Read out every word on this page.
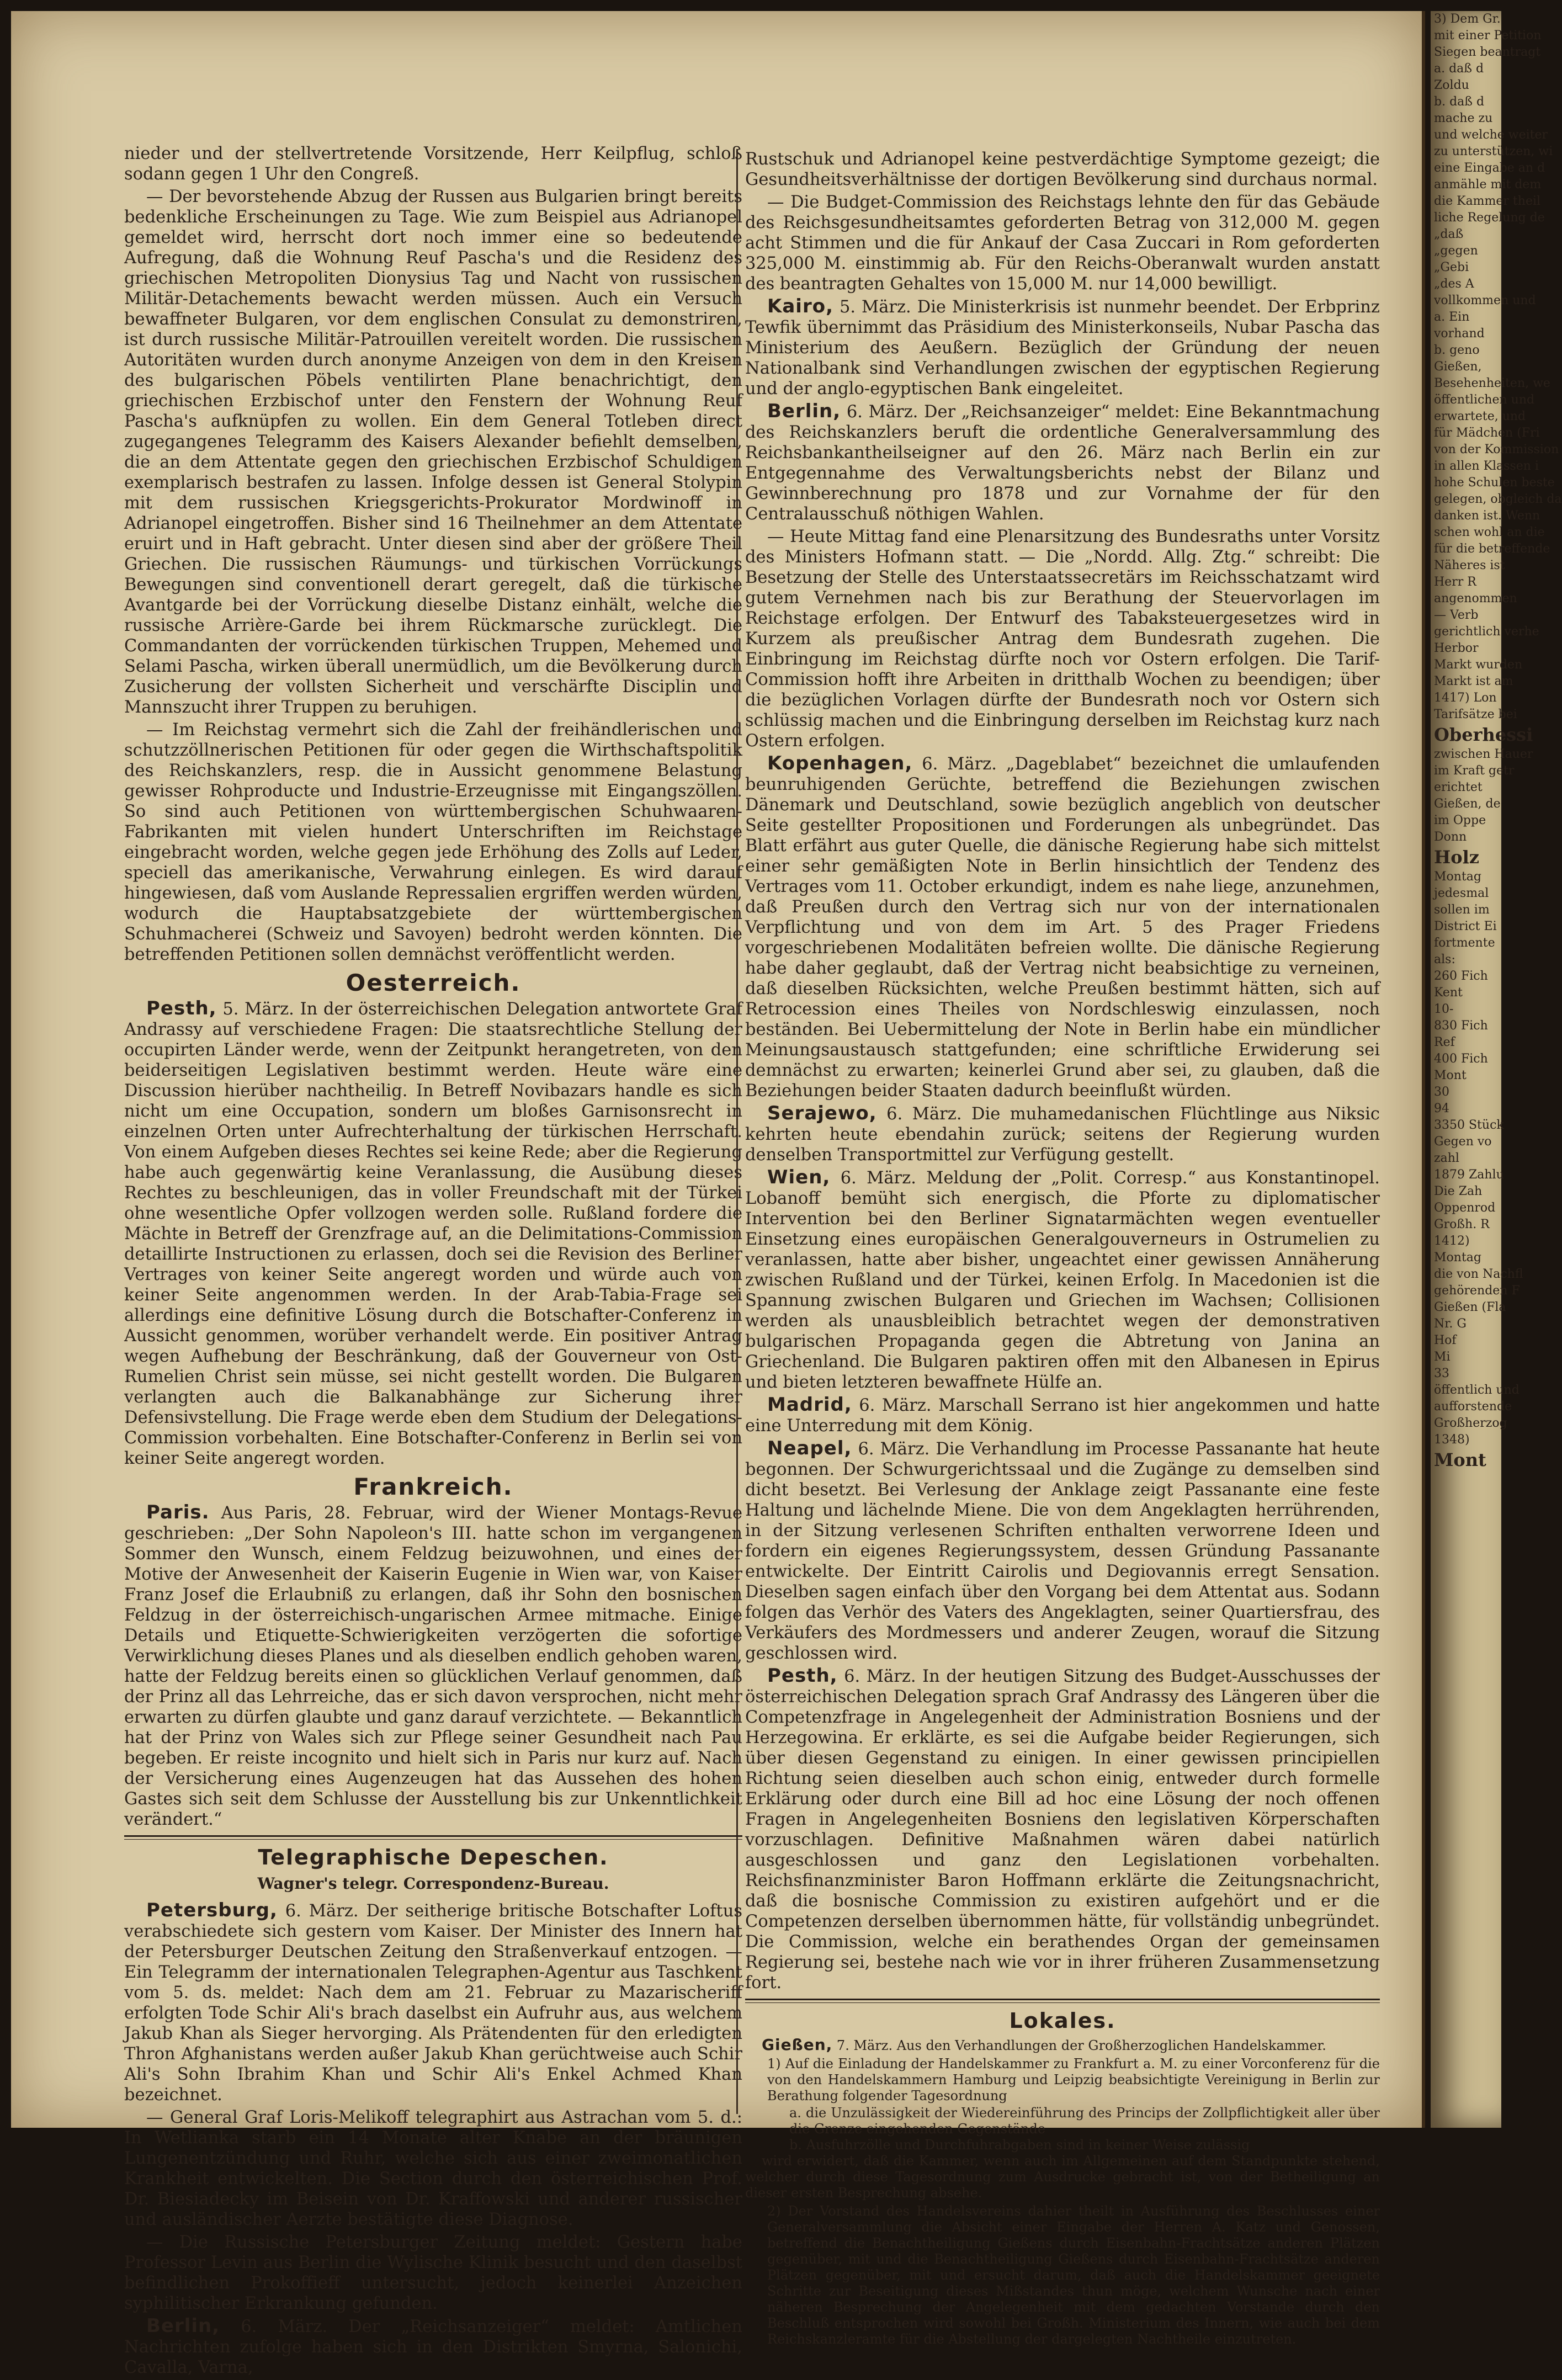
nieder und der stellvertretende Vorsitzende, Herr Keilpflug, schloß sodann gegen 1 Uhr den Congreß.

— Der bevorstehende Abzug der Russen aus Bulgarien bringt bereits bedenkliche Erscheinungen zu Tage. Wie zum Beispiel aus Adrianopel gemeldet wird, herrscht dort noch immer eine so bedeutende Aufregung, daß die Wohnung Reuf Pascha's und die Residenz des griechischen Metropoliten Dionysius Tag und Nacht von russischen Militär-Detachements bewacht werden müssen. Auch ein Versuch bewaffneter Bulgaren, vor dem englischen Consulat zu demonstriren, ist durch russische Militär-Patrouillen vereitelt worden. Die russischen Autoritäten wurden durch anonyme Anzeigen von dem in den Kreisen des bulgarischen Pöbels ventilirten Plane benachrichtigt, den griechischen Erzbischof unter den Fenstern der Wohnung Reuf Pascha's aufknüpfen zu wollen. Ein dem General Totleben direct zugegangenes Telegramm des Kaisers Alexander befiehlt demselben, die an dem Attentate gegen den griechischen Erzbischof Schuldigen exemplarisch bestrafen zu lassen. Infolge dessen ist General Stolypin mit dem russischen Kriegsgerichts-Prokurator Mordwinoff in Adrianopel eingetroffen. Bisher sind 16 Theilnehmer an dem Attentate eruirt und in Haft gebracht. Unter diesen sind aber der größere Theil Griechen. Die russischen Räumungs- und türkischen Vorrückungs Bewegungen sind conventionell derart geregelt, daß die türkische Avantgarde bei der Vorrückung dieselbe Distanz einhält, welche die russische Arrière-Garde bei ihrem Rückmarsche zurücklegt. Die Commandanten der vorrückenden türkischen Truppen, Mehemed und Selami Pascha, wirken überall unermüdlich, um die Bevölkerung durch Zusicherung der vollsten Sicherheit und verschärfte Disciplin und Mannszucht ihrer Truppen zu beruhigen.

— Im Reichstag vermehrt sich die Zahl der freihändlerischen und schutzzöllnerischen Petitionen für oder gegen die Wirthschaftspolitik des Reichskanzlers, resp. die in Aussicht genommene Belastung gewisser Rohproducte und Industrie-Erzeugnisse mit Eingangszöllen. So sind auch Petitionen von württembergischen Schuhwaaren-Fabrikanten mit vielen hundert Unterschriften im Reichstage eingebracht worden, welche gegen jede Erhöhung des Zolls auf Leder, speciell das amerikanische, Verwahrung einlegen. Es wird darauf hingewiesen, daß vom Auslande Repressalien ergriffen werden würden, wodurch die Hauptabsatzgebiete der württembergischen Schuhmacherei (Schweiz und Savoyen) bedroht werden könnten. Die betreffenden Petitionen sollen demnächst veröffentlicht werden.

Oesterreich.

Pesth, 5. März. In der österreichischen Delegation antwortete Graf Andrassy auf verschiedene Fragen: Die staatsrechtliche Stellung der occupirten Länder werde, wenn der Zeitpunkt herangetreten, von den beiderseitigen Legislativen bestimmt werden. Heute wäre eine Discussion hierüber nachtheilig. In Betreff Novibazars handle es sich nicht um eine Occupation, sondern um bloßes Garnisonsrecht in einzelnen Orten unter Aufrechterhaltung der türkischen Herrschaft. Von einem Aufgeben dieses Rechtes sei keine Rede; aber die Regierung habe auch gegenwärtig keine Veranlassung, die Ausübung dieses Rechtes zu beschleunigen, das in voller Freundschaft mit der Türkei ohne wesentliche Opfer vollzogen werden solle. Rußland fordere die Mächte in Betreff der Grenzfrage auf, an die Delimitations-Commission detaillirte Instructionen zu erlassen, doch sei die Revision des Berliner Vertrages von keiner Seite angeregt worden und würde auch von keiner Seite angenommen werden. In der Arab-Tabia-Frage sei allerdings eine definitive Lösung durch die Botschafter-Conferenz in Aussicht genommen, worüber verhandelt werde. Ein positiver Antrag wegen Aufhebung der Beschränkung, daß der Gouverneur von Ost-Rumelien Christ sein müsse, sei nicht gestellt worden. Die Bulgaren verlangten auch die Balkanabhänge zur Sicherung ihrer Defensivstellung. Die Frage werde eben dem Studium der Delegations-Commission vorbehalten. Eine Botschafter-Conferenz in Berlin sei von keiner Seite angeregt worden.

Frankreich.

Paris. Aus Paris, 28. Februar, wird der Wiener Montags-Revue geschrieben: „Der Sohn Napoleon's III. hatte schon im vergangenen Sommer den Wunsch, einem Feldzug beizuwohnen, und eines der Motive der Anwesenheit der Kaiserin Eugenie in Wien war, von Kaiser Franz Josef die Erlaubniß zu erlangen, daß ihr Sohn den bosnischen Feldzug in der österreichisch-ungarischen Armee mitmache. Einige Details und Etiquette-Schwierigkeiten verzögerten die sofortige Verwirklichung dieses Planes und als dieselben endlich gehoben waren, hatte der Feldzug bereits einen so glücklichen Verlauf genommen, daß der Prinz all das Lehrreiche, das er sich davon versprochen, nicht mehr erwarten zu dürfen glaubte und ganz darauf verzichtete. — Bekanntlich hat der Prinz von Wales sich zur Pflege seiner Gesundheit nach Pau begeben. Er reiste incognito und hielt sich in Paris nur kurz auf. Nach der Versicherung eines Augenzeugen hat das Aussehen des hohen Gastes sich seit dem Schlusse der Ausstellung bis zur Unkenntlichkeit verändert.“

Telegraphische Depeschen.
Wagner's telegr. Correspondenz-Bureau.

Petersburg, 6. März. Der seitherige britische Botschafter Loftus verabschiedete sich gestern vom Kaiser. Der Minister des Innern hat der Petersburger Deutschen Zeitung den Straßenverkauf entzogen. — Ein Telegramm der internationalen Telegraphen-Agentur aus Taschkent vom 5. ds. meldet: Nach dem am 21. Februar zu Mazarischeriff erfolgten Tode Schir Ali's brach daselbst ein Aufruhr aus, aus welchem Jakub Khan als Sieger hervorging. Als Prätendenten für den erledigten Thron Afghanistans werden außer Jakub Khan gerüchtweise auch Schir Ali's Sohn Ibrahim Khan und Schir Ali's Enkel Achmed Khan bezeichnet.

— General Graf Loris-Melikoff telegraphirt aus Astrachan vom 5. d.: In Wetlianka starb ein 14 Monate alter Knabe an der bräunigen Lungenentzündung und Ruhr, welche sich aus einer zweimonatlichen Krankheit entwickelten. Die Section durch den österreichischen Prof. Dr. Biesiadecky im Beisein von Dr. Kraffowski und anderer russischer und ausländischer Aerzte bestätigte diese Diagnose.

— Die Russische Petersburger Zeitung meldet: Gestern habe Professor Levin aus Berlin die Wylische Klinik besucht und den daselbst befindlichen Prokoffieff untersucht, jedoch keinerlei Anzeichen syphilitischer Erkrankung gefunden.

Berlin, 6. März. Der „Reichsanzeiger“ meldet: Amtlichen Nachrichten zufolge haben sich in den Distrikten Smyrna, Salonichi, Cavalla, Varna,

Rustschuk und Adrianopel keine pestverdächtige Symptome gezeigt; die Gesundheitsverhältnisse der dortigen Bevölkerung sind durchaus normal.

— Die Budget-Commission des Reichstags lehnte den für das Gebäude des Reichsgesundheitsamtes geforderten Betrag von 312,000 M. gegen acht Stimmen und die für Ankauf der Casa Zuccari in Rom geforderten 325,000 M. einstimmig ab. Für den Reichs-Oberanwalt wurden anstatt des beantragten Gehaltes von 15,000 M. nur 14,000 bewilligt.

Kairo, 5. März. Die Ministerkrisis ist nunmehr beendet. Der Erbprinz Tewfik übernimmt das Präsidium des Ministerkonseils, Nubar Pascha das Ministerium des Aeußern. Bezüglich der Gründung der neuen Nationalbank sind Verhandlungen zwischen der egyptischen Regierung und der anglo-egyptischen Bank eingeleitet.

Berlin, 6. März. Der „Reichsanzeiger“ meldet: Eine Bekanntmachung des Reichskanzlers beruft die ordentliche Generalversammlung des Reichsbankantheilseigner auf den 26. März nach Berlin ein zur Entgegennahme des Verwaltungsberichts nebst der Bilanz und Gewinnberechnung pro 1878 und zur Vornahme der für den Centralausschuß nöthigen Wahlen.

— Heute Mittag fand eine Plenarsitzung des Bundesraths unter Vorsitz des Ministers Hofmann statt. — Die „Nordd. Allg. Ztg.“ schreibt: Die Besetzung der Stelle des Unterstaatssecretärs im Reichsschatzamt wird gutem Vernehmen nach bis zur Berathung der Steuervorlagen im Reichstage erfolgen. Der Entwurf des Tabaksteuergesetzes wird in Kurzem als preußischer Antrag dem Bundesrath zugehen. Die Einbringung im Reichstag dürfte noch vor Ostern erfolgen. Die Tarif-Commission hofft ihre Arbeiten in dritthalb Wochen zu beendigen; über die bezüglichen Vorlagen dürfte der Bundesrath noch vor Ostern sich schlüssig machen und die Einbringung derselben im Reichstag kurz nach Ostern erfolgen.

Kopenhagen, 6. März. „Dageblabet“ bezeichnet die umlaufenden beunruhigenden Gerüchte, betreffend die Beziehungen zwischen Dänemark und Deutschland, sowie bezüglich angeblich von deutscher Seite gestellter Propositionen und Forderungen als unbegründet. Das Blatt erfährt aus guter Quelle, die dänische Regierung habe sich mittelst einer sehr gemäßigten Note in Berlin hinsichtlich der Tendenz des Vertrages vom 11. October erkundigt, indem es nahe liege, anzunehmen, daß Preußen durch den Vertrag sich nur von der internationalen Verpflichtung und von dem im Art. 5 des Prager Friedens vorgeschriebenen Modalitäten befreien wollte. Die dänische Regierung habe daher geglaubt, daß der Vertrag nicht beabsichtige zu verneinen, daß dieselben Rücksichten, welche Preußen bestimmt hätten, sich auf Retrocession eines Theiles von Nordschleswig einzulassen, noch beständen. Bei Uebermittelung der Note in Berlin habe ein mündlicher Meinungsaustausch stattgefunden; eine schriftliche Erwiderung sei demnächst zu erwarten; keinerlei Grund aber sei, zu glauben, daß die Beziehungen beider Staaten dadurch beeinflußt würden.

Serajewo, 6. März. Die muhamedanischen Flüchtlinge aus Niksic kehrten heute ebendahin zurück; seitens der Regierung wurden denselben Transportmittel zur Verfügung gestellt.

Wien, 6. März. Meldung der „Polit. Corresp.“ aus Konstantinopel. Lobanoff bemüht sich energisch, die Pforte zu diplomatischer Intervention bei den Berliner Signatarmächten wegen eventueller Einsetzung eines europäischen Generalgouverneurs in Ostrumelien zu veranlassen, hatte aber bisher, ungeachtet einer gewissen Annäherung zwischen Rußland und der Türkei, keinen Erfolg. In Macedonien ist die Spannung zwischen Bulgaren und Griechen im Wachsen; Collisionen werden als unausbleiblich betrachtet wegen der demonstrativen bulgarischen Propaganda gegen die Abtretung von Janina an Griechenland. Die Bulgaren paktiren offen mit den Albanesen in Epirus und bieten letzteren bewaffnete Hülfe an.

Madrid, 6. März. Marschall Serrano ist hier angekommen und hatte eine Unterredung mit dem König.

Neapel, 6. März. Die Verhandlung im Processe Passanante hat heute begonnen. Der Schwurgerichtssaal und die Zugänge zu demselben sind dicht besetzt. Bei Verlesung der Anklage zeigt Passanante eine feste Haltung und lächelnde Miene. Die von dem Angeklagten herrührenden, in der Sitzung verlesenen Schriften enthalten verworrene Ideen und fordern ein eigenes Regierungssystem, dessen Gründung Passanante entwickelte. Der Eintritt Cairolis und Degiovannis erregt Sensation. Dieselben sagen einfach über den Vorgang bei dem Attentat aus. Sodann folgen das Verhör des Vaters des Angeklagten, seiner Quartiersfrau, des Verkäufers des Mordmessers und anderer Zeugen, worauf die Sitzung geschlossen wird.

Pesth, 6. März. In der heutigen Sitzung des Budget-Ausschusses der österreichischen Delegation sprach Graf Andrassy des Längeren über die Competenzfrage in Angelegenheit der Administration Bosniens und der Herzegowina. Er erklärte, es sei die Aufgabe beider Regierungen, sich über diesen Gegenstand zu einigen. In einer gewissen principiellen Richtung seien dieselben auch schon einig, entweder durch formelle Erklärung oder durch eine Bill ad hoc eine Lösung der noch offenen Fragen in Angelegenheiten Bosniens den legislativen Körperschaften vorzuschlagen. Definitive Maßnahmen wären dabei natürlich ausgeschlossen und ganz den Legislationen vorbehalten. Reichsfinanzminister Baron Hoffmann erklärte die Zeitungsnachricht, daß die bosnische Commission zu existiren aufgehört und er die Competenzen derselben übernommen hätte, für vollständig unbegründet. Die Commission, welche ein berathendes Organ der gemeinsamen Regierung sei, bestehe nach wie vor in ihrer früheren Zusammensetzung fort.

Lokales.

Gießen, 7. März. Aus den Verhandlungen der Großherzoglichen Handelskammer.

1) Auf die Einladung der Handelskammer zu Frankfurt a. M. zu einer Vorconferenz für die von den Handelskammern Hamburg und Leipzig beabsichtigte Vereinigung in Berlin zur Berathung folgender Tagesordnung

a. die Unzulässigkeit der Wiedereinführung des Princips der Zollpflichtigkeit aller über die Grenze eingehenden Gegenstände

b. Ausfuhrzölle und Durchfuhrabgaben sind in keiner Weise zulässig

wird erwidert, daß die Kammer, wenn auch im Allgemeinen auf dem Standpunkte stehend, welcher durch diese Tagesordnung zum Ausdrucke gebracht ist, von der Betheiligung an dieser ersten Besprechung absehe.

2) Der Vorstand des Handelsvereins dahier theilt in Ausführung des Beschlusses einer Generalversammlung die Absicht einer Eingabe der Herren A. Katz und Genossen, betreffend die Benachtheiligung Gießens durch Eisenbahn-Frachtsätze anderen Plätzen gegenüber, mit und die Benachtheiligung Gießens durch Eisenbahn-Frachtsätze anderen Plätzen gegenüber, mit und ersucht darum, daß auch die Handelskammer geeignete Schritte zur Beseitigung dieses Mißstandes thun möge, welchem Wunsche nach einer näheren Besprechung der Angelegenheit mit dem gedachten Vorstande durch den Beschluß entsprochen wird sowohl bei Großh. Ministerium des Innern, wie auch bei dem Reichskanzleramte für die Abstellung der dargelegten Nachtheile einzutreten.

3) Dem Gr.
mit einer Petition
Siegen beantragt
a. daß d
Zoldu
b. daß d
mache zu
und welche weiter
zu unterstützen, wi
eine Eingabe an d
anmähle mit dem
die Kammer theil
liche Regelung de
„daß
„gegen
„Gebi
„des A
vollkommen und
a. Ein
vorhand
b. geno
Gießen,
Besehenheiten, we
öffentlichen und
erwartete, und
für Mädchen (Fri
von der Kommission
in allen Klassen i
hohe Schulen beste
gelegen, obgleich da
danken ist. Wenn
schen wohl an die
für die betreffende
Näheres ist
Herr R
angenommen
— Verb
gerichtlich verhe
Herbor
Markt wurden
Markt ist am
1417) Lon
Tarifsätze bei
Oberhessi
zwischen Hauer
im Kraft getr
erichtet
Gießen, de
im Oppe
Donn
Holz
Montag
jedesmal
sollen im
District Ei
fortmente
als:
260 Fich
Kent
10-
830 Fich
Ref
400 Fich
Mont
30
94
3350 Stück
Gegen vo
zahl
1879 Zahlu
Die Zah
Oppenrod
Großh. R
1412)
Montag
die von Nachfl
gehörenden F
Gießen (Fla
Nr. G
Hof
Mi
33
öffentlich und
aufforstende
Großherzog
1348)
Mont
